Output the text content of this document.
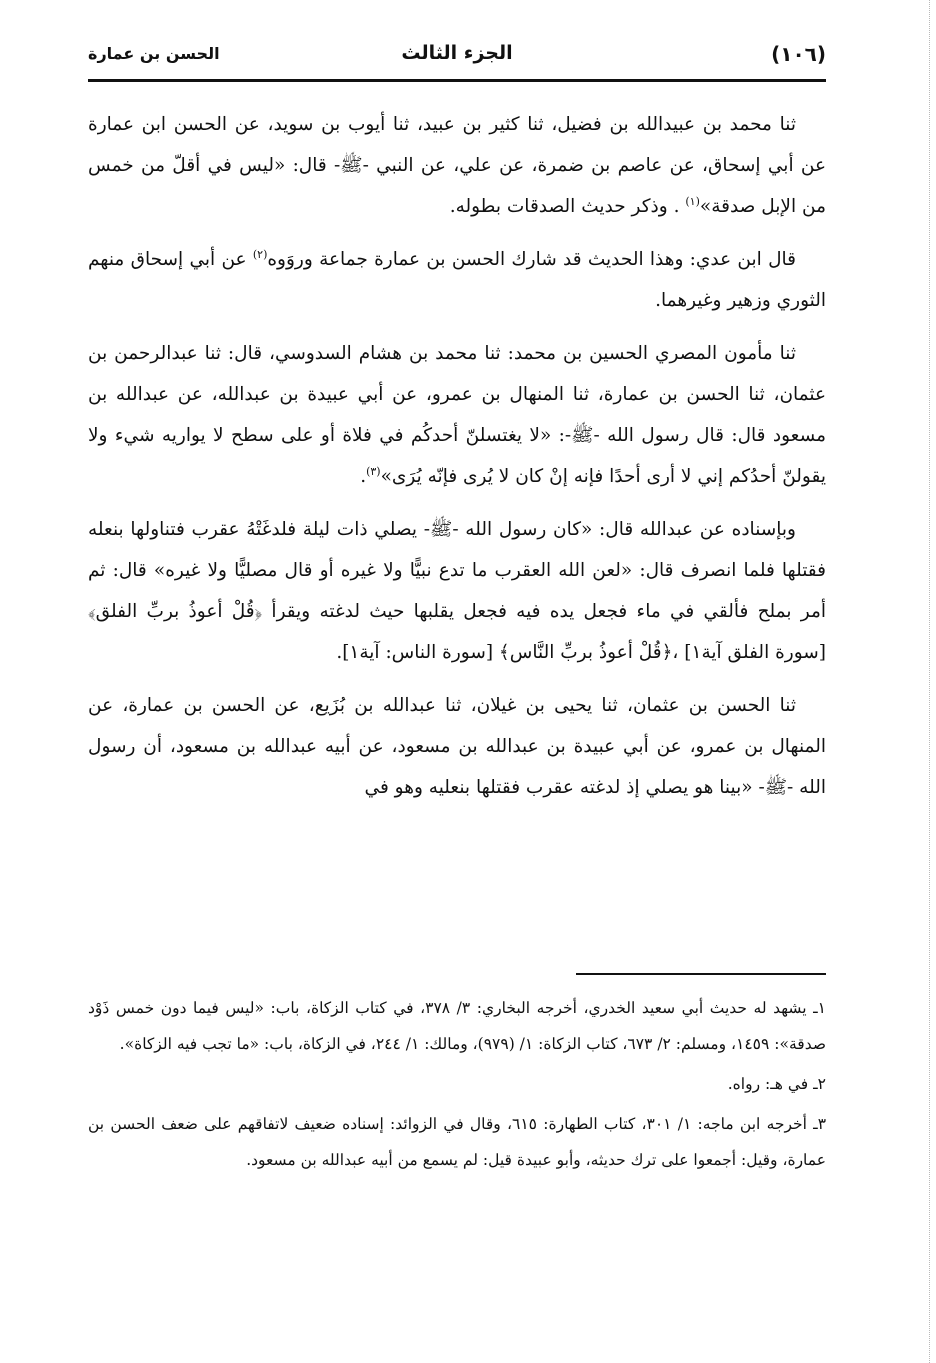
(١٠٦)
الجزء الثالث
الحسن بن عمارة

ثنا محمد بن عبيدالله بن فضيل، ثنا كثير بن عبيد، ثنا أيوب بن سويد، عن الحسن ابن عمارة عن أبي إسحاق، عن عاصم بن ضمرة، عن علي، عن النبي -ﷺ- قال: «ليس في أقلّ من خمس من الإبل صدقة»$^{(١)}$ . وذكر حديث الصدقات بطوله.

قال ابن عدي: وهذا الحديث قد شارك الحسن بن عمارة جماعة وروَوه$^{(٢)}$ عن أبي إسحاق منهم الثوري وزهير وغيرهما.

ثنا مأمون المصري الحسين بن محمد: ثنا محمد بن هشام السدوسي، قال: ثنا عبدالرحمن بن عثمان، ثنا الحسن بن عمارة، ثنا المنهال بن عمرو، عن أبي عبيدة بن عبدالله، عن عبدالله بن مسعود قال: قال رسول الله -ﷺ-: «لا يغتسلنّ أحدكُم في فلاة أو على سطح لا يواريه شيء ولا يقولنّ أحدُكم إني لا أرى أحدًا فإنه إنْ كان لا يُرى فإنّه يُرَى»$^{(٣)}$.

وبإسناده عن عبدالله قال: «كان رسول الله -ﷺ- يصلي ذات ليلة فلدغَتْهُ عقرب فتناولها بنعله فقتلها فلما انصرف قال: «لعن الله العقرب ما تدع نبيًّا ولا غيره أو قال مصليًّا ولا غيره» قال: ثم أمر بملح فألقي في ماء فجعل يده فيه فجعل يقلبها حيث لدغته ويقرأ ﴿قُلْ أعوذُ بربِّ الفلق﴾ [سورة الفلق آية١] ،﴿قُلْ أعوذُ بربِّ النَّاس﴾ [سورة الناس: آية١].

ثنا الحسن بن عثمان، ثنا يحيى بن غيلان، ثنا عبدالله بن بُزَيع، عن الحسن بن عمارة، عن المنهال بن عمرو، عن أبي عبيدة بن عبدالله بن مسعود، عن أبيه عبدالله بن مسعود، أن رسول الله -ﷺ- «بينا هو يصلي إذ لدغته عقرب فقتلها بنعليه وهو في

١ـ يشهد له حديث أبي سعيد الخدري، أخرجه البخاري: ٣/ ٣٧٨، في كتاب الزكاة، باب: «ليس فيما دون خمس ذَوْد صدقة»: ١٤٥٩، ومسلم: ٢/ ٦٧٣، كتاب الزكاة: ١/ (٩٧٩)، ومالك: ١/ ٢٤٤، في الزكاة، باب: «ما تجب فيه الزكاة».

٢ـ في هـ: رواه.

٣ـ أخرجه ابن ماجه: ١/ ٣٠١، كتاب الطهارة: ٦١٥، وقال في الزوائد: إسناده ضعيف لاتفاقهم على ضعف الحسن بن عمارة، وقيل: أجمعوا على ترك حديثه، وأبو عبيدة قيل: لم يسمع من أبيه عبدالله بن مسعود.
